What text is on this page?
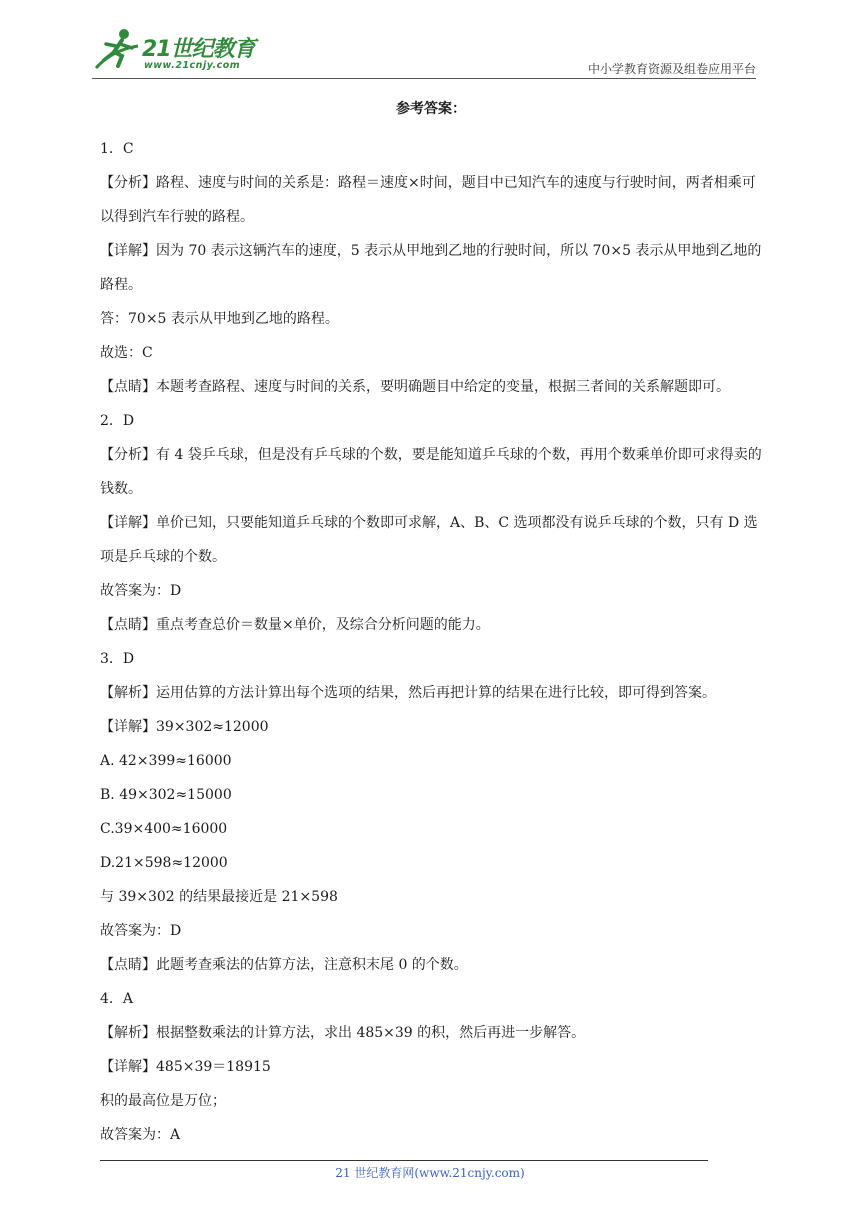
21世纪教育
www.21cnjy.com	中小学教育资源及组卷应用平台
参考答案：
1．C
【分析】路程、速度与时间的关系是：路程＝速度×时间，题目中已知汽车的速度与行驶时间，两者相乘可以得到汽车行驶的路程。
【详解】因为 70 表示这辆汽车的速度，5 表示从甲地到乙地的行驶时间，所以 70×5 表示从甲地到乙地的路程。
答：70×5 表示从甲地到乙地的路程。
故选：C
【点睛】本题考查路程、速度与时间的关系，要明确题目中给定的变量，根据三者间的关系解题即可。
2．D
【分析】有 4 袋乒乓球，但是没有乒乓球的个数，要是能知道乒乓球的个数，再用个数乘单价即可求得卖的钱数。
【详解】单价已知，只要能知道乒乓球的个数即可求解，A、B、C 选项都没有说乒乓球的个数，只有 D 选项是乒乓球的个数。
故答案为：D
【点睛】重点考查总价＝数量×单价，及综合分析问题的能力。
3．D
【解析】运用估算的方法计算出每个选项的结果，然后再把计算的结果在进行比较，即可得到答案。
【详解】39×302≈12000
A. 42×399≈16000
B. 49×302≈15000
C.39×400≈16000
D.21×598≈12000
与 39×302 的结果最接近是 21×598
故答案为：D
【点睛】此题考查乘法的估算方法，注意积末尾 0 的个数。
4．A
【解析】根据整数乘法的计算方法，求出 485×39 的积，然后再进一步解答。
【详解】485×39＝18915
积的最高位是万位；
故答案为：A
21 世纪教育网(www.21cnjy.com)
